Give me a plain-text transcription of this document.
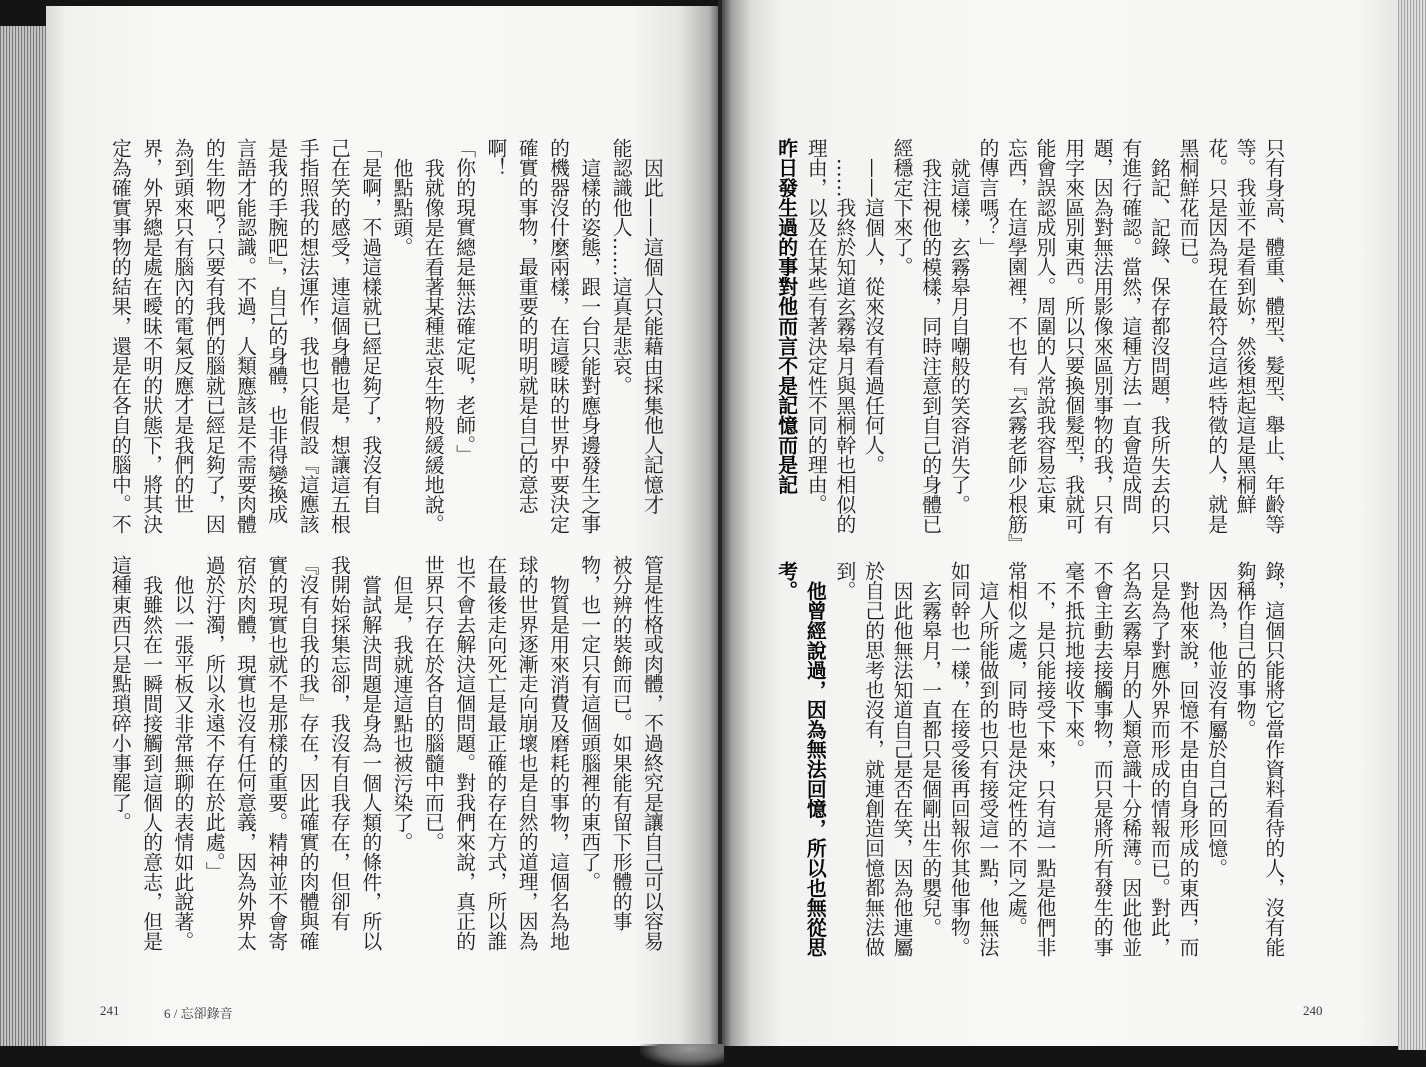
因此——這個人只能藉由採集他人記憶才
能認識他人……這真是悲哀。
這樣的姿態，跟一台只能對應身邊發生之事
的機器沒什麼兩樣，在這曖昧的世界中要決定
確實的事物，最重要的明明就是自己的意志
啊！
「你的現實總是無法確定呢，老師。」
我就像是在看著某種悲哀生物般緩緩地說。
他點點頭。
「是啊，不過這樣就已經足夠了，我沒有自
己在笑的感受，連這個身體也是，想讓這五根
手指照我的想法運作，我也只能假設『這應該
是我的手腕吧』，自己的身體，也非得變換成
言語才能認識。不過，人類應該是不需要肉體
的生物吧？只要有我們的腦就已經足夠了，因
為到頭來只有腦內的電氣反應才是我們的世
界，外界總是處在曖昧不明的狀態下，將其決
定為確實事物的結果，還是在各自的腦中。不
管是性格或肉體，不過終究是讓自己可以容易
被分辨的裝飾而已。如果能有留下形體的事
物，也一定只有這個頭腦裡的東西了。
物質是用來消費及磨耗的事物，這個名為地
球的世界逐漸走向崩壞也是自然的道理，因為
在最後走向死亡是最正確的存在方式，所以誰
也不會去解決這個問題。對我們來說，真正的
世界只存在於各自的腦髓中而已。
但是，我就連這點也被污染了。
嘗試解決問題是身為一個人類的條件，所以
我開始採集忘卻，我沒有自我存在，但卻有
『沒有自我的我』存在，因此確實的肉體與確
實的現實也就不是那樣的重要。精神並不會寄
宿於肉體，現實也沒有任何意義，因為外界太
過於汙濁，所以永遠不存在於此處。」
他以一張平板又非常無聊的表情如此說著。
我雖然在一瞬間接觸到這個人的意志，但是
這種東西只是點瑣碎小事罷了。
241	6 / 忘卻錄音
只有身高、體重、體型、髮型、舉止、年齡等
等。我並不是看到妳，然後想起這是黑桐鮮
花。只是因為現在最符合這些特徵的人，就是
黑桐鮮花而已。
銘記、記錄、保存都沒問題，我所失去的只
有進行確認。當然，這種方法一直會造成問
題，因為對無法用影像來區別事物的我，只有
用字來區別東西。所以只要換個髮型，我就可
能會誤認成別人。周圍的人常說我容易忘東
忘西，在這學園裡，不也有『玄霧老師少根筋』
的傳言嗎？」
就這樣，玄霧皋月自嘲般的笑容消失了。
我注視他的模樣，同時注意到自己的身體已
經穩定下來了。
——這個人，從來沒有看過任何人。
……我終於知道玄霧皋月與黑桐幹也相似的
理由，以及在某些有著決定性不同的理由。
昨日發生過的事對他而言不是記憶而是記
錄，這個只能將它當作資料看待的人，沒有能
夠稱作自己的事物。
因為，他並沒有屬於自己的回憶。
對他來說，回憶不是由自身形成的東西，而
只是為了對應外界而形成的情報而已。對此，
名為玄霧皋月的人類意識十分稀薄。因此他並
不會主動去接觸事物，而只是將所有發生的事
毫不抵抗地接收下來。
不，是只能接受下來，只有這一點是他們非
常相似之處，同時也是決定性的不同之處。
這人所能做到的也只有接受這一點，他無法
如同幹也一樣，在接受後再回報你其他事物。
玄霧皋月，一直都只是個剛出生的嬰兒。
因此他無法知道自己是否在笑，因為他連屬
於自己的思考也沒有，就連創造回憶都無法做
到。
他曾經說過，因為無法回憶，所以也無從思
考。
240
